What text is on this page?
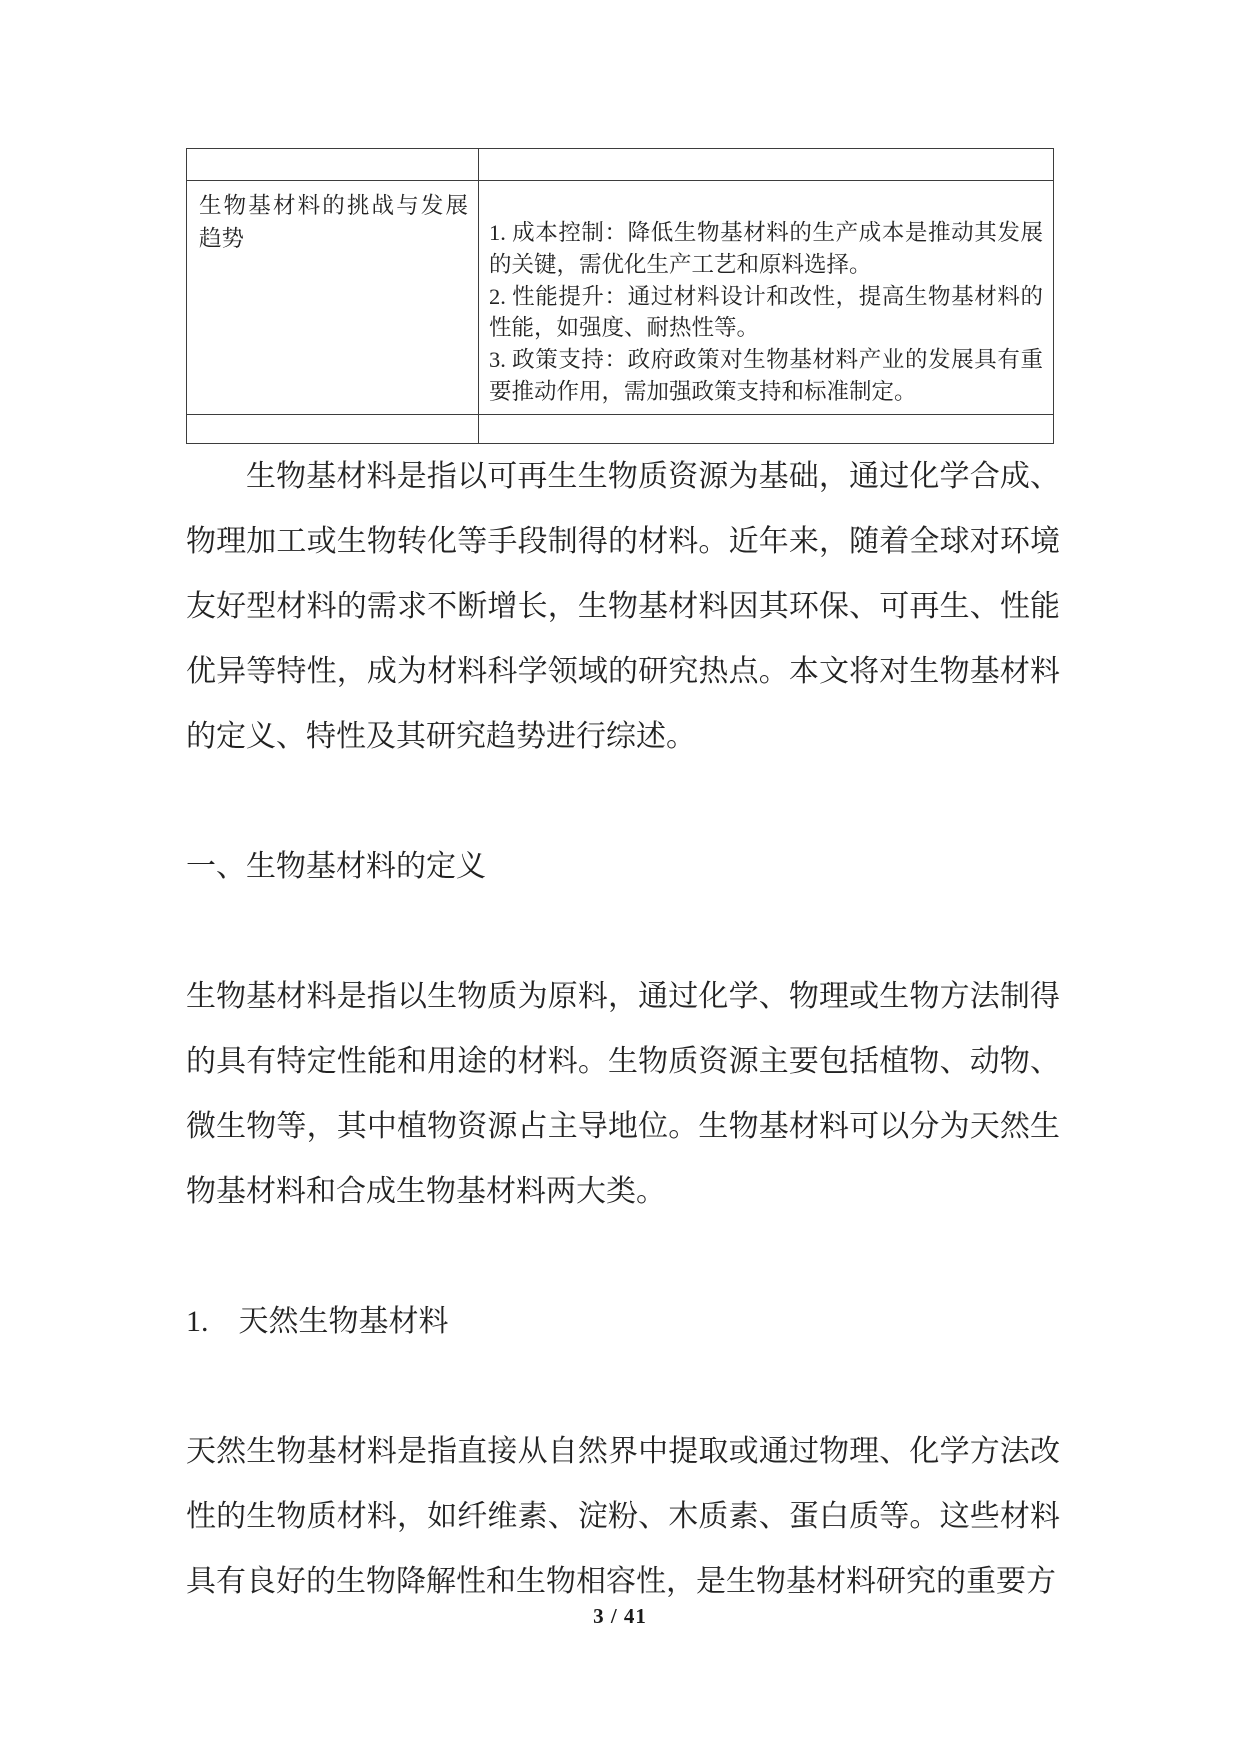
生物基材料的挑战与发展趋势	1. 成本控制：降低生物基材料的生产成本是推动其发展的关键，需优化生产工艺和原料选择。

2. 性能提升：通过材料设计和改性，提高生物基材料的性能，如强度、耐热性等。

3. 政策支持：政府政策对生物基材料产业的发展具有重要推动作用，需加强政策支持和标准制定。

生物基材料是指以可再生生物质资源为基础，通过化学合成、物理加工或生物转化等手段制得的材料。近年来，随着全球对环境友好型材料的需求不断增长，生物基材料因其环保、可再生、性能优异等特性，成为材料科学领域的研究热点。本文将对生物基材料的定义、特性及其研究趋势进行综述。

一、生物基材料的定义

生物基材料是指以生物质为原料，通过化学、物理或生物方法制得的具有特定性能和用途的材料。生物质资源主要包括植物、动物、微生物等，其中植物资源占主导地位。生物基材料可以分为天然生物基材料和合成生物基材料两大类。

1.　天然生物基材料

天然生物基材料是指直接从自然界中提取或通过物理、化学方法改性的生物质材料，如纤维素、淀粉、木质素、蛋白质等。这些材料具有良好的生物降解性和生物相容性，是生物基材料研究的重要方

3 / 41
